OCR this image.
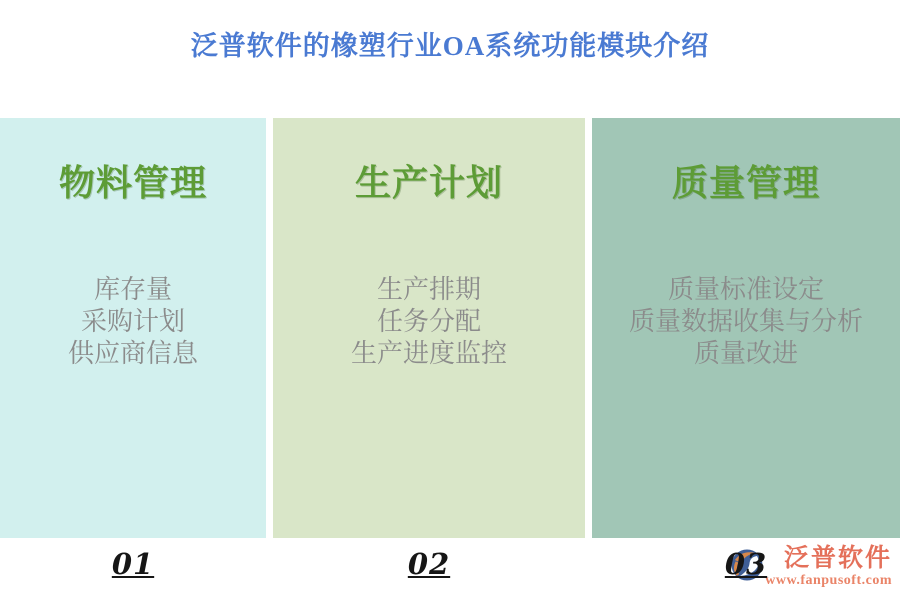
泛普软件的橡塑行业OA系统功能模块介绍
物料管理
库存量
采购计划
供应商信息
生产计划
生产排期
任务分配
生产进度监控
质量管理
质量标准设定
质量数据收集与分析
质量改进
01	02	03 泛普软件
www.fanpusoft.com
